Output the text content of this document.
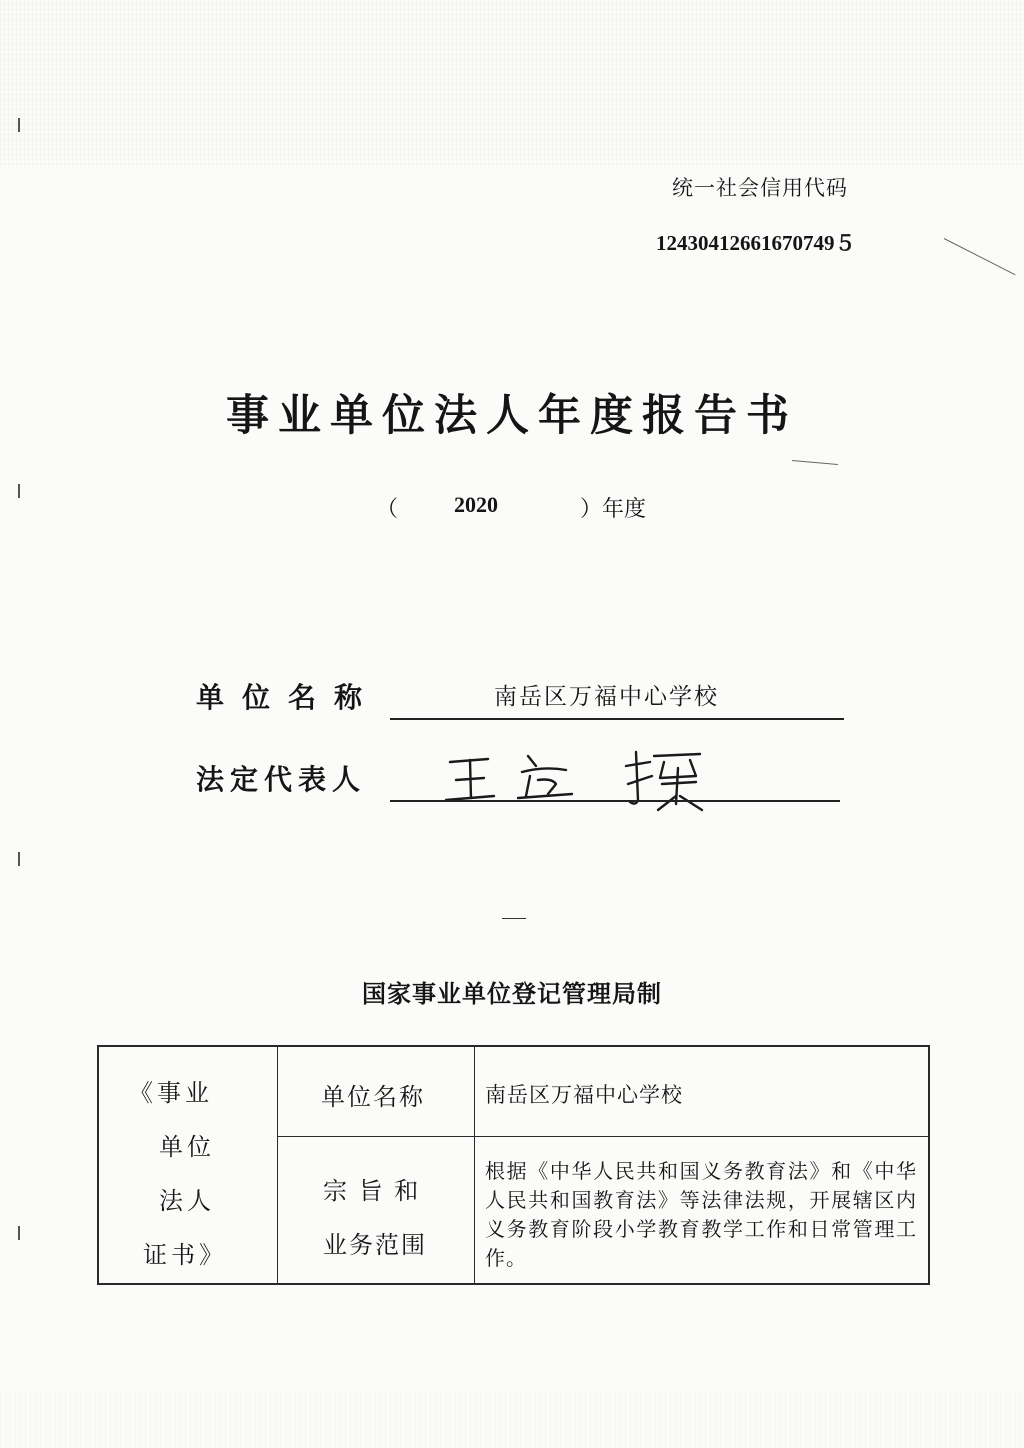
统一社会信用代码
12430412661670749５
事业单位法人年度报告书
（	2020	）年度
单位名称	南岳区万福中心学校
法定代表人
国家事业单位登记管理局制
《事业
单位
法人
证书》
单位名称	南岳区万福中心学校
宗 旨 和
业务范围
根据《中华人民共和国义务教育法》和《中华人民共和国教育法》等法律法规，开展辖区内义务教育阶段小学教育教学工作和日常管理工作。
